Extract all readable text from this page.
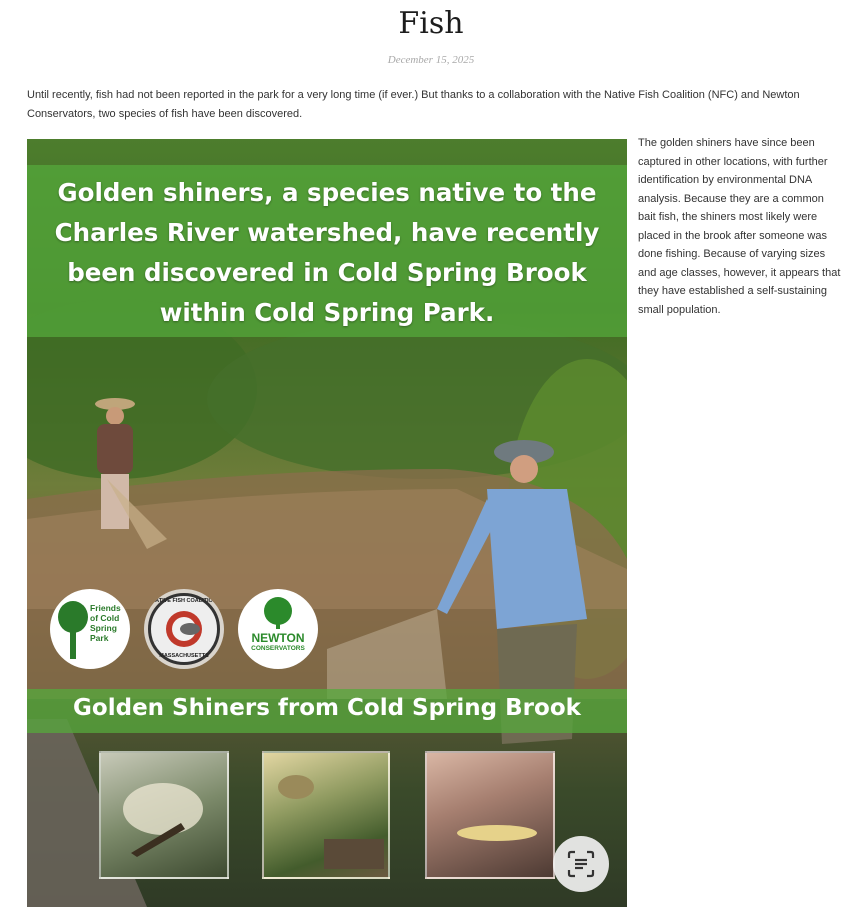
Fish
December 15, 2025

Until recently, fish had not been reported in the park for a very long time (if ever.) But thanks to a collaboration with the Native Fish Coalition (NFC) and Newton Conservators, two species of fish have been discovered.

Golden shiners, a species native to the Charles River watershed, have recently been discovered in Cold Spring Brook within Cold Spring Park.
Friends of Cold Spring Park
NATIVE FISH COALITION
MASSACHUSETTS
NEWTON
CONSERVATORS
Golden Shiners from Cold Spring Brook

The golden shiners have since been captured in other locations, with further identification by environmental DNA analysis. Because they are a common bait fish, the shiners most likely were placed in the brook after someone was done fishing. Because of varying sizes and age classes, however, it appears that they have established a self-sustaining small population.
